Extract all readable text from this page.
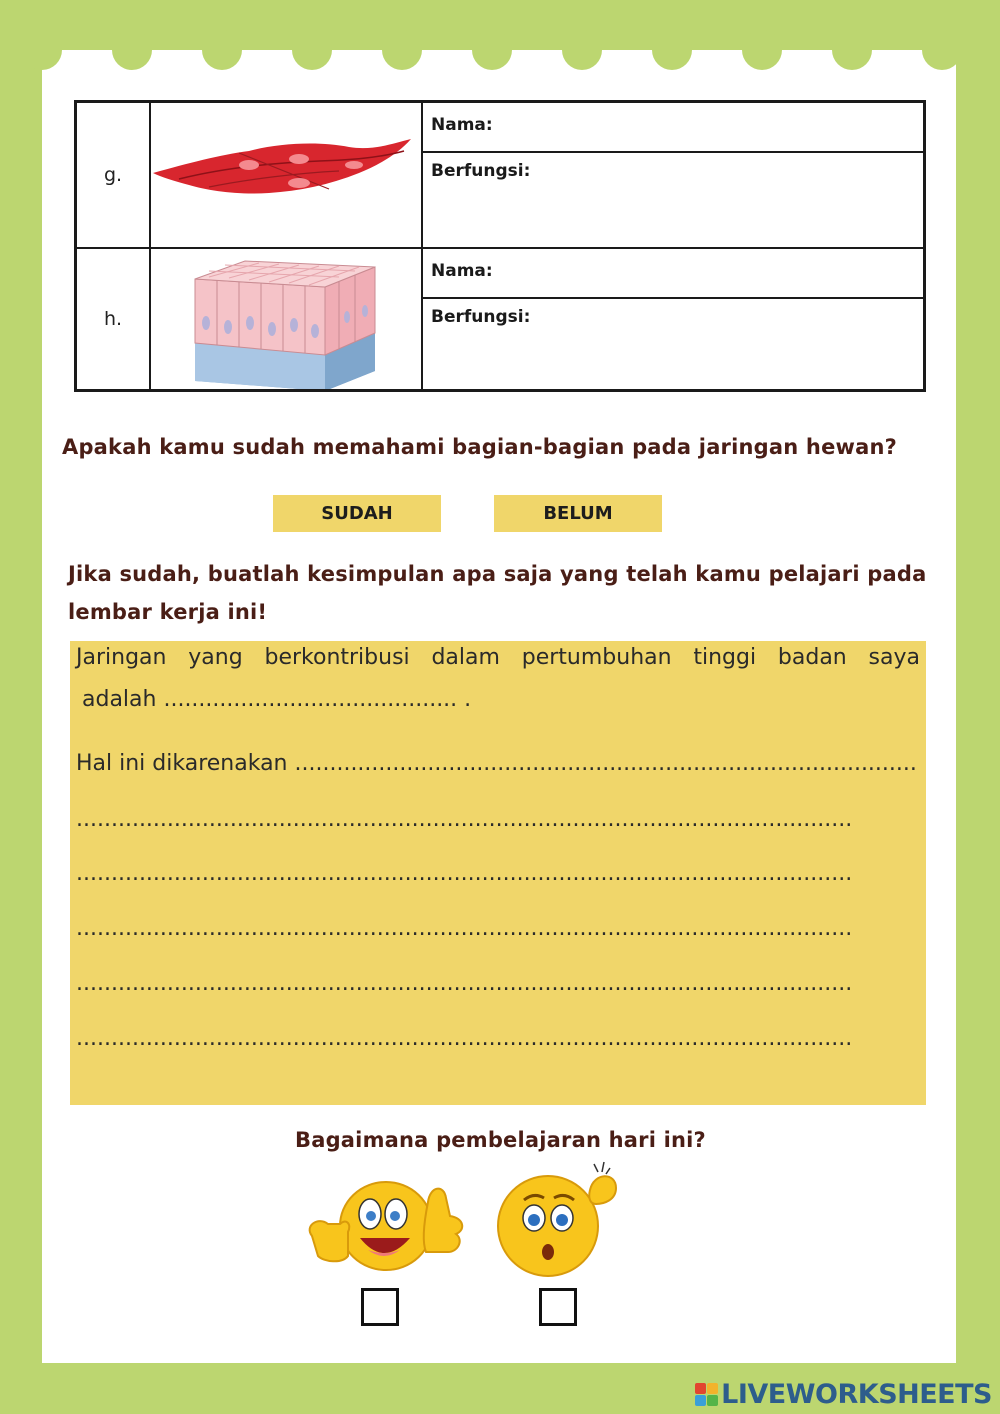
g.
Nama:
Berfungsi:
h.
Nama:
Berfungsi:
Apakah kamu sudah memahami bagian-bagian pada jaringan hewan?
SUDAH	BELUM
Jika sudah, buatlah kesimpulan apa saja yang telah kamu pelajari pada lembar kerja ini!
Jaringan yang berkontribusi dalam pertumbuhan tinggi badan saya
adalah .......................................... .
Hal ini dikarenakan .........................................................................................
...............................................................................................................
...............................................................................................................
...............................................................................................................
...............................................................................................................
...............................................................................................................
Bagaimana pembelajaran hari ini?
LIVEWORKSHEETS
